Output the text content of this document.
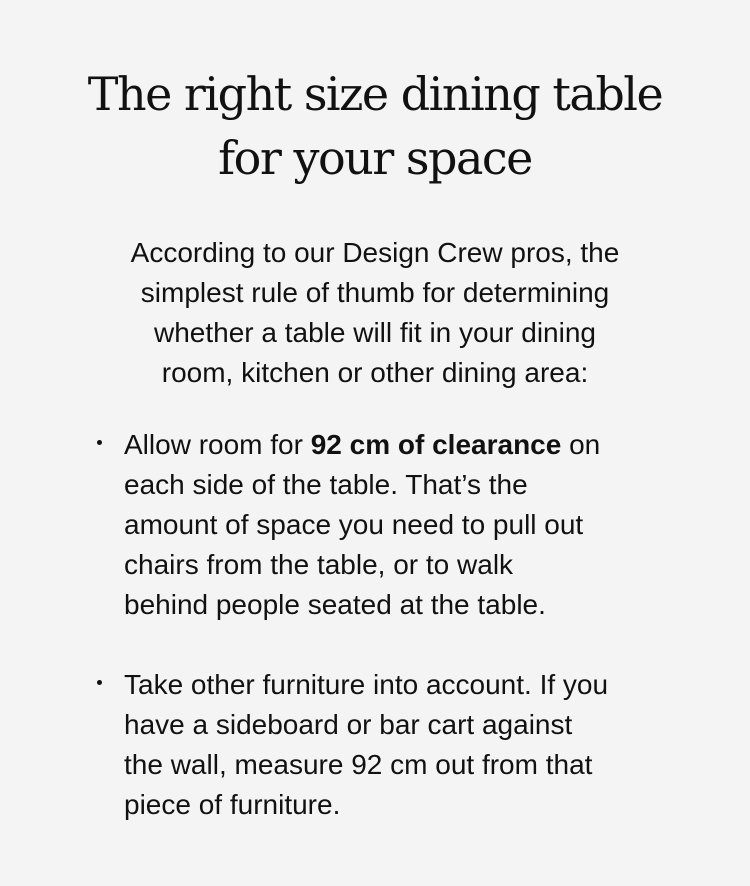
The right size dining table
for your space

According to our Design Crew pros, the
simplest rule of thumb for determining
whether a table will fit in your dining
room, kitchen or other dining area:

Allow room for 92 cm of clearance on
each side of the table. That’s the
amount of space you need to pull out
chairs from the table, or to walk
behind people seated at the table.
Take other furniture into account. If you
have a sideboard or bar cart against
the wall, measure 92 cm out from that
piece of furniture.
